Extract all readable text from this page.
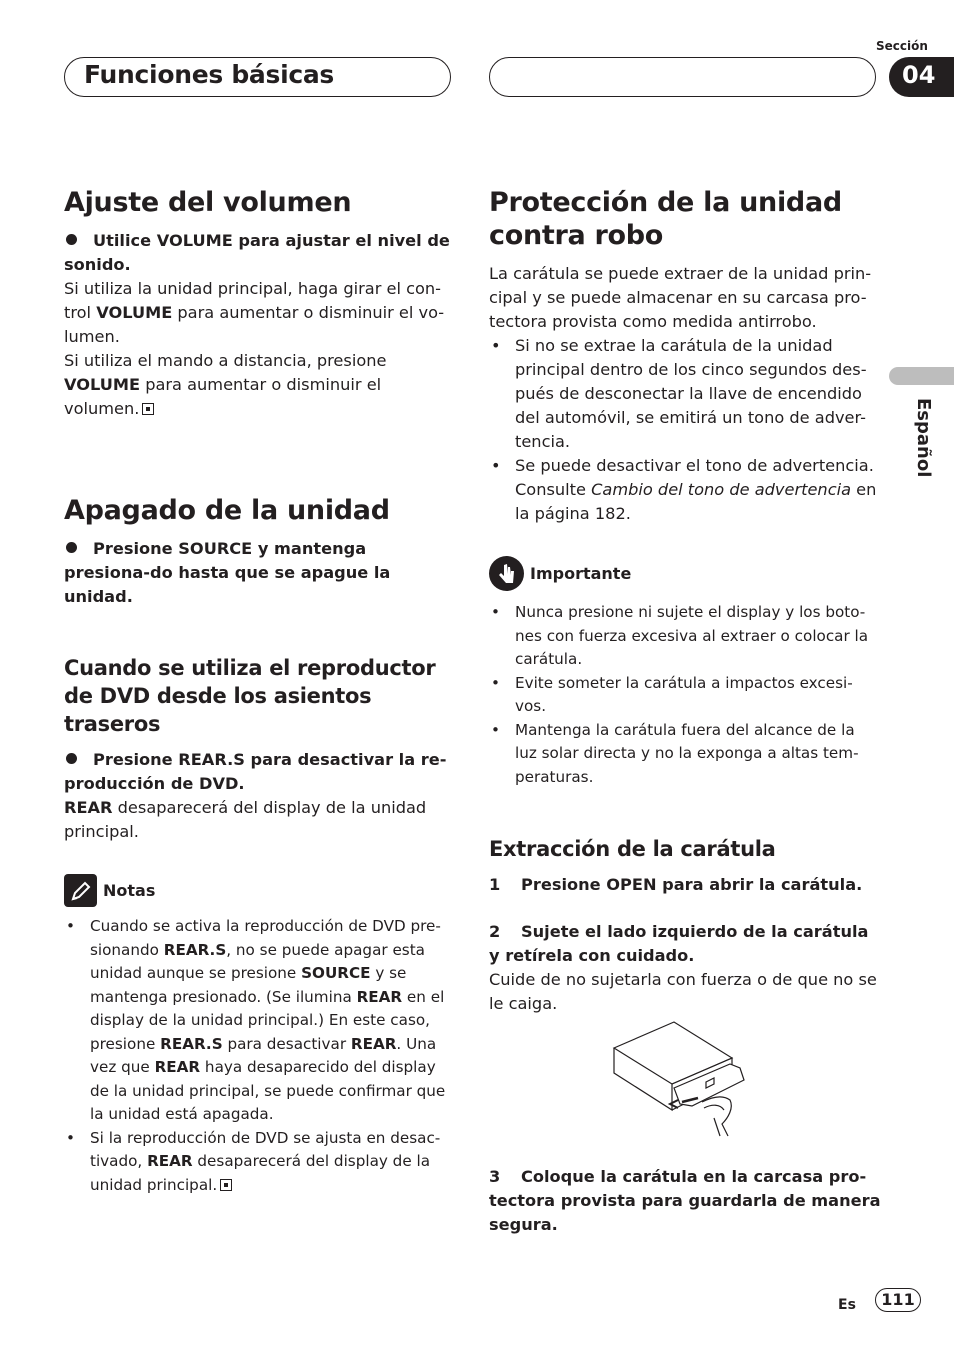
Funciones básicas
Sección
04
Español
Ajuste del volumen

Utilice VOLUME para ajustar el nivel de sonido.

Si utiliza la unidad principal, haga girar el con-trol VOLUME para aumentar o disminuir el vo-lumen.

Si utiliza el mando a distancia, presione VOLUME para aumentar o disminuir el volumen.

Apagado de la unidad

Presione SOURCE y mantenga presiona-do hasta que se apague la unidad.

Cuando se utiliza el reproductor de DVD desde los asientos traseros

Presione REAR.S para desactivar la re-producción de DVD.

REAR desaparecerá del display de la unidad principal.

Notas
• Cuando se activa la reproducción de DVD pre-sionando REAR.S, no se puede apagar esta unidad aunque se presione SOURCE y se mantenga presionado. (Se ilumina REAR en el display de la unidad principal.) En este caso, presione REAR.S para desactivar REAR. Una vez que REAR haya desaparecido del display de la unidad principal, se puede confirmar que la unidad está apagada.
• Si la reproducción de DVD se ajusta en desac-tivado, REAR desaparecerá del display de la unidad principal.
Protección de la unidad contra robo

La carátula se puede extraer de la unidad prin-cipal y se puede almacenar en su carcasa pro-tectora provista como medida antirrobo.

• Si no se extrae la carátula de la unidad principal dentro de los cinco segundos des-pués de desconectar la llave de encendido del automóvil, se emitirá un tono de adver-tencia.
• Se puede desactivar el tono de advertencia. Consulte Cambio del tono de advertencia en la página 182.
Importante
• Nunca presione ni sujete el display y los boto-nes con fuerza excesiva al extraer o colocar la carátula.
• Evite someter la carátula a impactos excesi-vos.
• Mantenga la carátula fuera del alcance de la luz solar directa y no la exponga a altas tem-peraturas.
Extracción de la carátula

1 Presione OPEN para abrir la carátula.

2 Sujete el lado izquierdo de la carátula y retírela con cuidado.

Cuide de no sujetarla con fuerza o de que no se le caiga.

3 Coloque la carátula en la carcasa pro-tectora provista para guardarla de manera segura.

Es	111
